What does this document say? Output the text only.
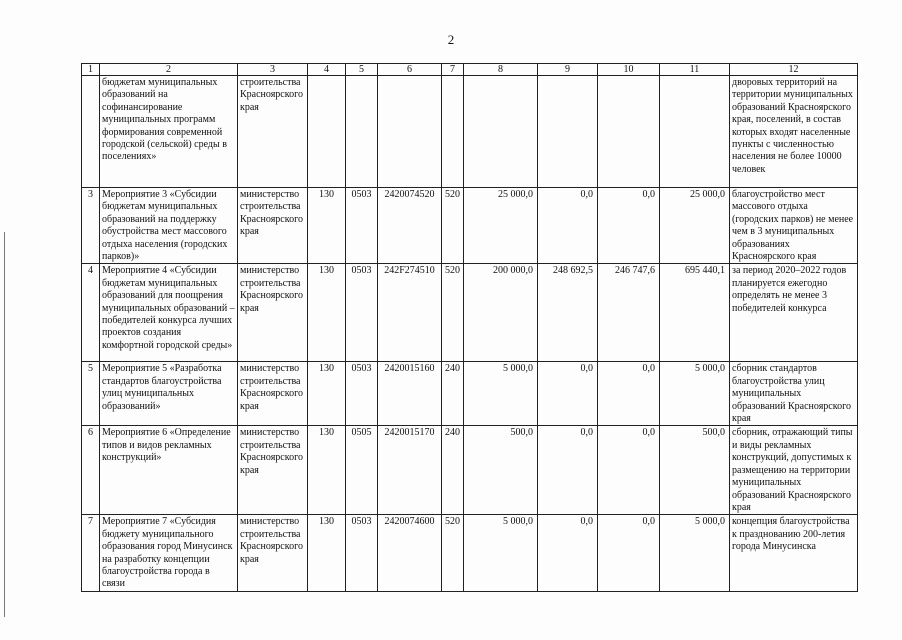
2
1	2	3	4	5	6	7	8	9	10	11	12
	бюджетам муниципальных образований на софинансирование муниципальных программ формирования современной городской (сельской) среды в поселениях»	строительства Красноярского края									дворовых территорий на территории муниципальных образований Красноярского края, поселений, в состав которых входят населенные пункты с численностью населения не более 10000 человек
3	Мероприятие 3 «Субсидии бюджетам муниципальных образований на поддержку обустройства мест массового отдыха населения (городских парков)»	министерство строительства Красноярского края	130	0503	2420074520	520	25 000,0	0,0	0,0	25 000,0	благоустройство мест массового отдыха (городских парков) не менее чем в 3 муниципальных образованиях Красноярского края
4	Мероприятие 4 «Субсидии бюджетам муниципальных образований для поощрения муниципальных образований – победителей конкурса лучших проектов создания комфортной городской среды»	министерство строительства Красноярского края	130	0503	242F274510	520	200 000,0	248 692,5	246 747,6	695 440,1	за период 2020–2022 годов планируется ежегодно определять не менее 3 победителей конкурса
5	Мероприятие 5 «Разработка стандартов благоустройства улиц муниципальных образований»	министерство строительства Красноярского края	130	0503	2420015160	240	5 000,0	0,0	0,0	5 000,0	сборник стандартов благоустройства улиц муниципальных образований Красноярского края
6	Мероприятие 6 «Определение типов и видов рекламных конструкций»	министерство строительства Красноярского края	130	0505	2420015170	240	500,0	0,0	0,0	500,0	сборник, отражающий типы и виды рекламных конструкций, допустимых к размещению на территории муниципальных образований Красноярского края
7	Мероприятие 7 «Субсидия бюджету муниципального образования город Минусинск на разработку концепции благоустройства города в связи	министерство строительства Красноярского края	130	0503	2420074600	520	5 000,0	0,0	0,0	5 000,0	концепция благоустройства к празднованию 200-летия города Минусинска
